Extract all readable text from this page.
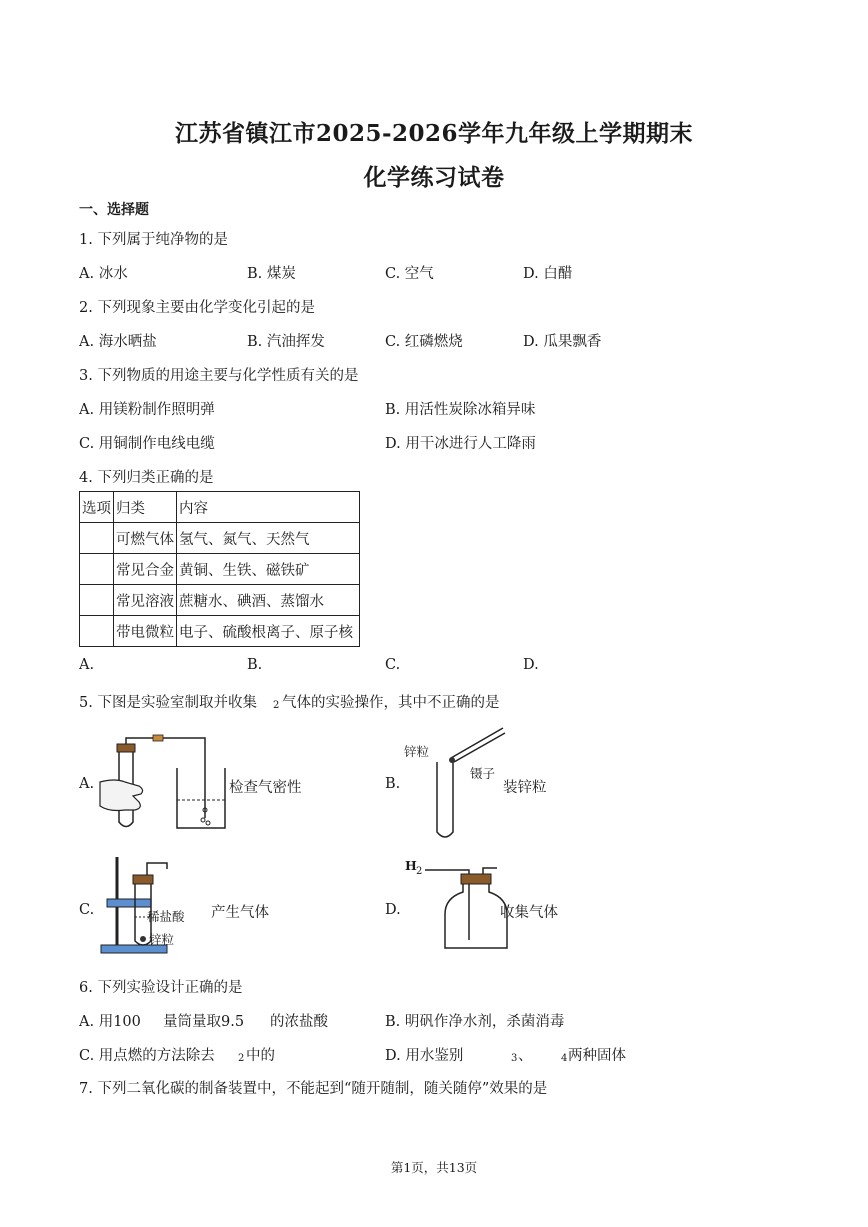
江苏省镇江市2025-2026学年九年级上学期期末
化学练习试卷
一、选择题
1. 下列属于纯净物的是
A. 冰水	B. 煤炭	C. 空气	D. 白醋
2. 下列现象主要由化学变化引起的是
A. 海水晒盐	B. 汽油挥发	C. 红磷燃烧	D. 瓜果飘香
3. 下列物质的用途主要与化学性质有关的是
A. 用镁粉制作照明弹	B. 用活性炭除冰箱异味
C. 用铜制作电线电缆	D. 用干冰进行人工降雨
4. 下列归类正确的是
选项	归类	内容
	可燃气体	氢气、氮气、天然气
	常见合金	黄铜、生铁、磁铁矿
	常见溶液	蔗糖水、碘酒、蒸馏水
	带电微粒	电子、硫酸根离子、原子核
A.	B.	C.	D.
5. 下图是实验室制取并收集 2 气体的实验操作，其中不正确的是
A.	检查气密性	B.
锌粒
镊子
装锌粒
C.	稀盐酸
锌粒
产生气体	D.
H 2
收集气体
6. 下列实验设计正确的是
A. 用100 量筒量取9.5 的浓盐酸	B. 明矾作净水剂，杀菌消毒
C. 用点燃的方法除去 2 中的	D. 用水鉴别	3 、	4 两种固体
7. 下列二氧化碳的制备装置中，不能起到“随开随制，随关随停”效果的是
第1页，共13页
